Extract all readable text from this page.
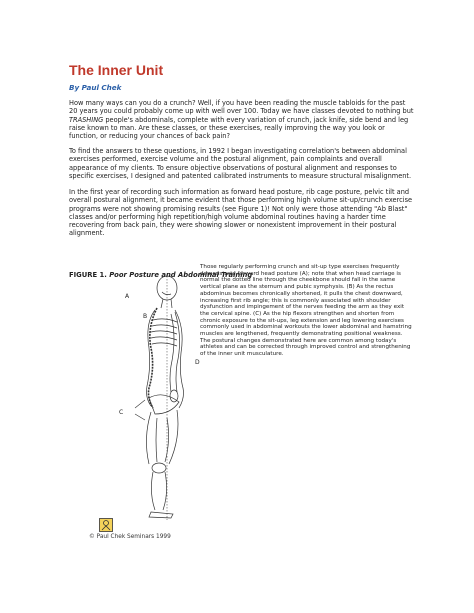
The Inner Unit
By Paul Chek

How many ways can you do a crunch? Well, if you have been reading the muscle tabloids for the past 20 years you could probably come up with well over 100. Today we have classes devoted to nothing but TRASHING people's abdominals, complete with every variation of crunch, jack knife, side bend and leg raise known to man. Are these classes, or these exercises, really improving the way you look or function, or reducing your chances of back pain?

To find the answers to these questions, in 1992 I began investigating correlation's between abdominal exercises performed, exercise volume and the postural alignment, pain complaints and overall appearance of my clients. To ensure objective observations of postural alignment and responses to specific exercises, I designed and patented calibrated instruments to measure structural misalignment.

In the first year of recording such information as forward head posture, rib cage posture, pelvic tilt and overall postural alignment, it became evident that those performing high volume sit-up/crunch exercise programs were not showing promising results (see Figure 1)! Not only were those attending "Ab Blast" classes and/or performing high repetition/high volume abdominal routines having a harder time recovering from back pain, they were showing slower or nonexistent improvement in their postural alignment.

FIGURE 1. Poor Posture and Abdominal Training
A
B
C
D

Those regularly performing crunch and sit-up type exercises frequently demonstrate forward head posture (A); note that when head carriage is normal the dotted line through the cheekbone should fall in the same vertical plane as the sternum and pubic symphysis. (B) As the rectus abdominus becomes chronically shortened, it pulls the chest downward, increasing first rib angle; this is commonly associated with shoulder dysfunction and impingement of the nerves feeding the arm as they exit the cervical spine. (C) As the hip flexors strengthen and shorten from chronic exposure to the sit-ups, leg extension and leg lowering exercises commonly used in abdominal workouts the lower abdominal and hamstring muscles are lengthened, frequently demonstrating positional weakness. The postural changes demonstrated here are common among today's athletes and can be corrected through improved control and strengthening of the inner unit musculature.

© Paul Chek Seminars 1999
